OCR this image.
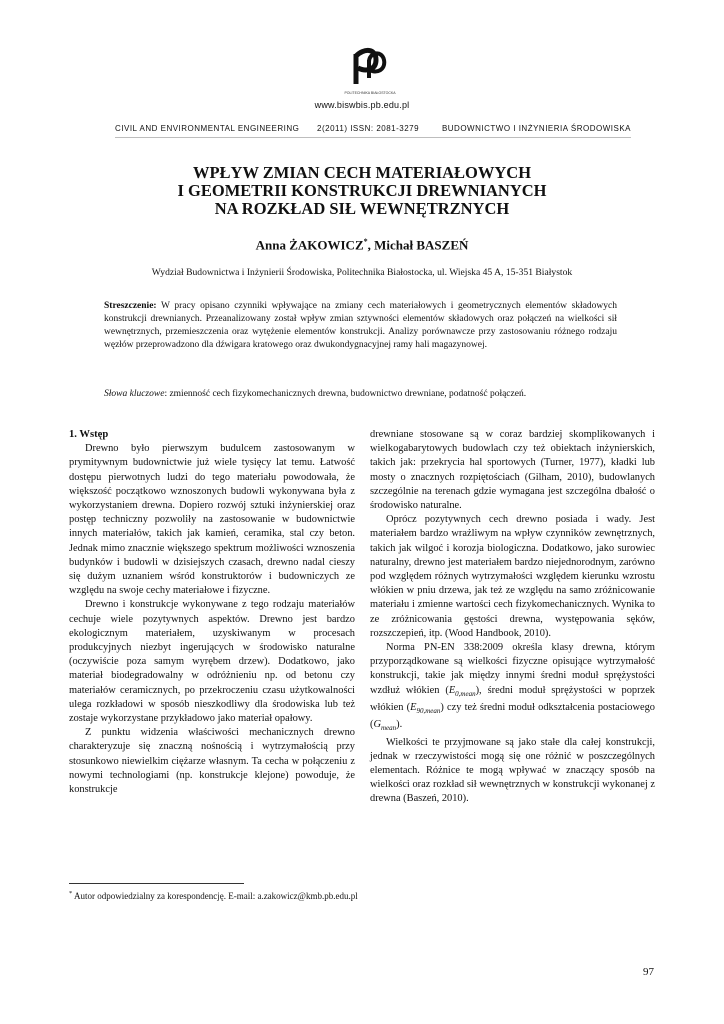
POLITECHNIKA BIAŁOSTOCKA
www.biswbis.pb.edu.pl
CIVIL AND ENVIRONMENTAL ENGINEERING 2(2011) ISSN: 2081-3279	BUDOWNICTWO I INŻYNIERIA ŚRODOWISKA
WPŁYW ZMIAN CECH MATERIAŁOWYCH
I GEOMETRII KONSTRUKCJI DREWNIANYCH
NA ROZKŁAD SIŁ WEWNĘTRZNYCH
Anna ŻAKOWICZ*, Michał BASZEŃ
Wydział Budownictwa i Inżynierii Środowiska, Politechnika Białostocka, ul. Wiejska 45 A, 15-351 Białystok
Streszczenie: W pracy opisano czynniki wpływające na zmiany cech materiałowych i geometrycznych elementów składowych konstrukcji drewnianych. Przeanalizowany został wpływ zmian sztywności elementów składowych oraz połączeń na wielkości sił wewnętrznych, przemieszczenia oraz wytężenie elementów konstrukcji. Analizy porównawcze przy zastosowaniu różnego rodzaju węzłów przeprowadzono dla dźwigara kratowego oraz dwukondygnacyjnej ramy hali magazynowej.
Słowa kluczowe: zmienność cech fizykomechanicznych drewna, budownictwo drewniane, podatność połączeń.

1. Wstęp

Drewno było pierwszym budulcem zastosowanym w prymitywnym budownictwie już wiele tysięcy lat temu. Łatwość dostępu pierwotnych ludzi do tego materiału powodowała, że większość początkowo wznoszonych budowli wykonywana była z wykorzystaniem drewna. Dopiero rozwój sztuki inżynierskiej oraz postęp techniczny pozwoliły na zastosowanie w budownictwie innych materiałów, takich jak kamień, ceramika, stal czy beton. Jednak mimo znacznie większego spektrum możliwości wznoszenia budynków i budowli w dzisiejszych czasach, drewno nadal cieszy się dużym uznaniem wśród konstruktorów i budowniczych ze względu na swoje cechy materiałowe i fizyczne.

Drewno i konstrukcje wykonywane z tego rodzaju materiałów cechuje wiele pozytywnych aspektów. Drewno jest bardzo ekologicznym materiałem, uzyskiwanym w procesach produkcyjnych niezbyt ingerujących w środowisko naturalne (oczywiście poza samym wyrębem drzew). Dodatkowo, jako materiał biodegradowalny w odróżnieniu np. od betonu czy materiałów ceramicznych, po przekroczeniu czasu użytkowalności ulega rozkładowi w sposób nieszkodliwy dla środowiska lub też zostaje wykorzystane przykładowo jako materiał opałowy.

Z punktu widzenia właściwości mechanicznych drewno charakteryzuje się znaczną nośnością i wytrzymałością przy stosunkowo niewielkim ciężarze własnym. Ta cecha w połączeniu z nowymi technologiami (np. konstrukcje klejone) powoduje, że konstrukcje

drewniane stosowane są w coraz bardziej skomplikowanych i wielkogabarytowych budowlach czy też obiektach inżynierskich, takich jak: przekrycia hal sportowych (Turner, 1977), kładki lub mosty o znacznych rozpiętościach (Gilham, 2010), budowlanych szczególnie na terenach gdzie wymagana jest szczególna dbałość o środowisko naturalne.

Oprócz pozytywnych cech drewno posiada i wady. Jest materiałem bardzo wrażliwym na wpływ czynników zewnętrznych, takich jak wilgoć i korozja biologiczna. Dodatkowo, jako surowiec naturalny, drewno jest materiałem bardzo niejednorodnym, zarówno pod względem różnych wytrzymałości względem kierunku wzrostu włókien w pniu drzewa, jak też ze względu na samo zróżnicowanie materiału i zmienne wartości cech fizykomechanicznych. Wynika to ze zróżnicowania gęstości drewna, występowania sęków, rozszczepień, itp. (Wood Handbook, 2010).

Norma PN-EN 338:2009 określa klasy drewna, którym przyporządkowane są wielkości fizyczne opisujące wytrzymałość konstrukcji, takie jak między innymi średni moduł sprężystości wzdłuż włókien $(E_{0,mean})$, średni moduł sprężystości w poprzek włókien $(E_{90,mean})$ czy też średni moduł odkształcenia postaciowego $(G_{mean})$.

Wielkości te przyjmowane są jako stałe dla całej konstrukcji, jednak w rzeczywistości mogą się one różnić w poszczególnych elementach. Różnice te mogą wpływać w znaczący sposób na wielkości oraz rozkład sił wewnętrznych w konstrukcji wykonanej z drewna (Baszeń, 2010).

* Autor odpowiedzialny za korespondencję. E-mail: a.zakowicz@kmb.pb.edu.pl
97
